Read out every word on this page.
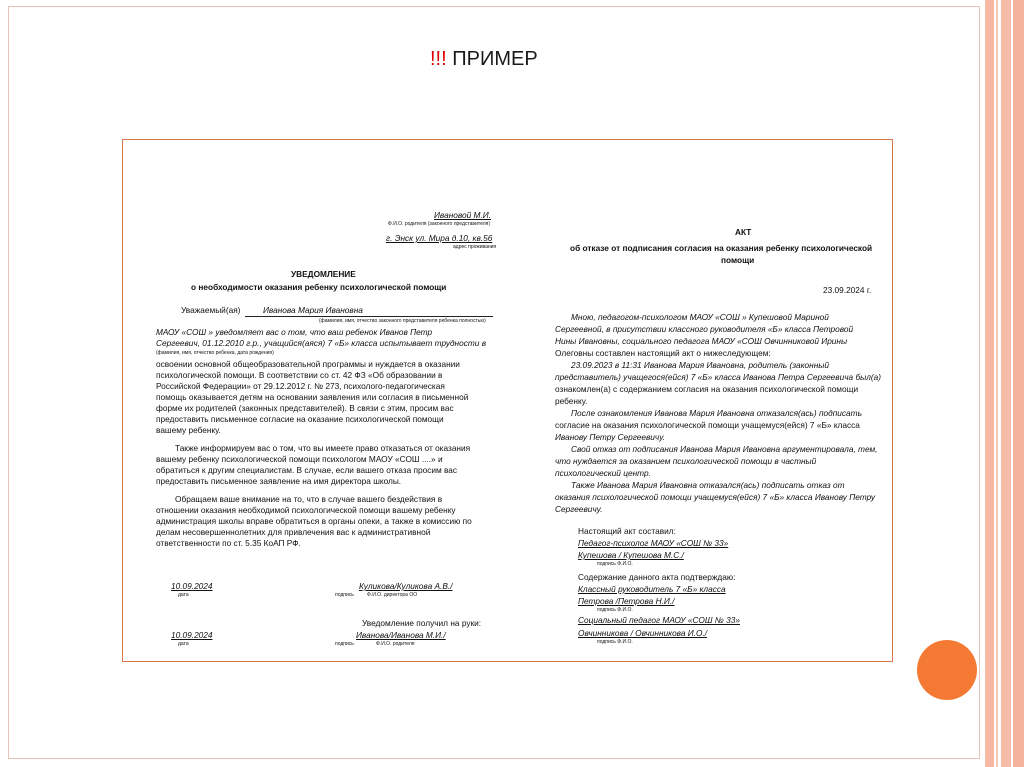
!!! ПРИМЕР
Ивановой М.И.
Ф.И.О. родителя (законного представителя)
г. Энск ул. Мира д.10, кв.56
адрес проживания
УВЕДОМЛЕНИЕ
о необходимости оказания ребенку психологической помощи
Уважаемый(ая)	Иванова Мария Ивановна
(фамилия, имя, отчество законного представителя ребенка полностью)
МАОУ «СОШ » уведомляет вас о том, что ваш ребенок Иванов Петр
Сергеевич, 01.12.2010 г.р., учащийся(аяся) 7 «Б» класса испытывает трудности в
(фамилия, имя, отчество ребенка, дата рождения)
освоении основной общеобразовательной программы и нуждается в оказании
психологической помощи. В соответствии со ст. 42 ФЗ «Об образовании в
Российской Федерации» от 29.12.2012 г. № 273, психолого-педагогическая
помощь оказывается детям на основании заявления или согласия в письменной
форме их родителей (законных представителей). В связи с этим, просим вас
предоставить письменное согласие на оказание психологической помощи
вашему ребенку.
Также информируем вас о том, что вы имеете право отказаться от оказания
вашему ребенку психологической помощи психологом МАОУ «СОШ ....» и
обратиться к другим специалистам. В случае, если вашего отказа просим вас
предоставить письменное заявление на имя директора школы.
Обращаем ваше внимание на то, что в случае вашего бездействия в
отношении оказания необходимой психологической помощи вашему ребенку
администрация школы вправе обратиться в органы опеки, а также в комиссию по
делам несовершеннолетних для привлечения вас к административной
ответственности по ст. 5.35 КоАП РФ.
10.09.2024
дата	подпись
Куликова/Куликова А.В./
Ф.И.О. директора ОО
Уведомление получил на руки:
10.09.2024
дата	подпись
Иванова/Иванова М.И./
Ф.И.О. родителя
АКТ
об отказе от подписания согласия на оказания ребенку психологической
помощи
23.09.2024 г.
Мною, педагогом-психологом МАОУ «СОШ » Купешовой Мариной
Сергеевной, в присутствии классного руководителя «Б» класса Петровой
Нины Ивановны, социального педагога МАОУ «СОШ Овчинниковой Ирины
Олеговны составлен настоящий акт о нижеследующем:
23.09.2023 в 11:31 Иванова Мария Ивановна, родитель (законный
представитель) учащегося(ейся) 7 «Б» класса Иванова Петра Сергеевича был(а)
ознакомлен(а) с содержанием согласия на оказания психологической помощи
ребенку.
После ознакомления Иванова Мария Ивановна отказался(ась) подписать
согласие на оказания психологической помощи учащемуся(ейся) 7 «Б» класса
Иванову Петру Сергеевичу.
Свой отказ от подписания Иванова Мария Ивановна аргументировала, тем,
что нуждается за оказанием психологической помощи в частный
психологический центр.
Также Иванова Мария Ивановна отказался(ась) подписать отказ от
оказания психологической помощи учащемуся(ейся) 7 «Б» класса Иванову Петру
Сергеевичу.
Настоящий акт составил:
Педагог-психолог МАОУ «СОШ № 33»
Купешова / Купешова М.С./
подпись Ф.И.О.
Содержание данного акта подтверждаю:
Классный руководитель 7 «Б» класса
Петрова /Петрова Н.И./
подпись Ф.И.О.
Социальный педагог МАОУ «СОШ № 33»
Овчинникова / Овчинникова И.О./
подпись Ф.И.О.
